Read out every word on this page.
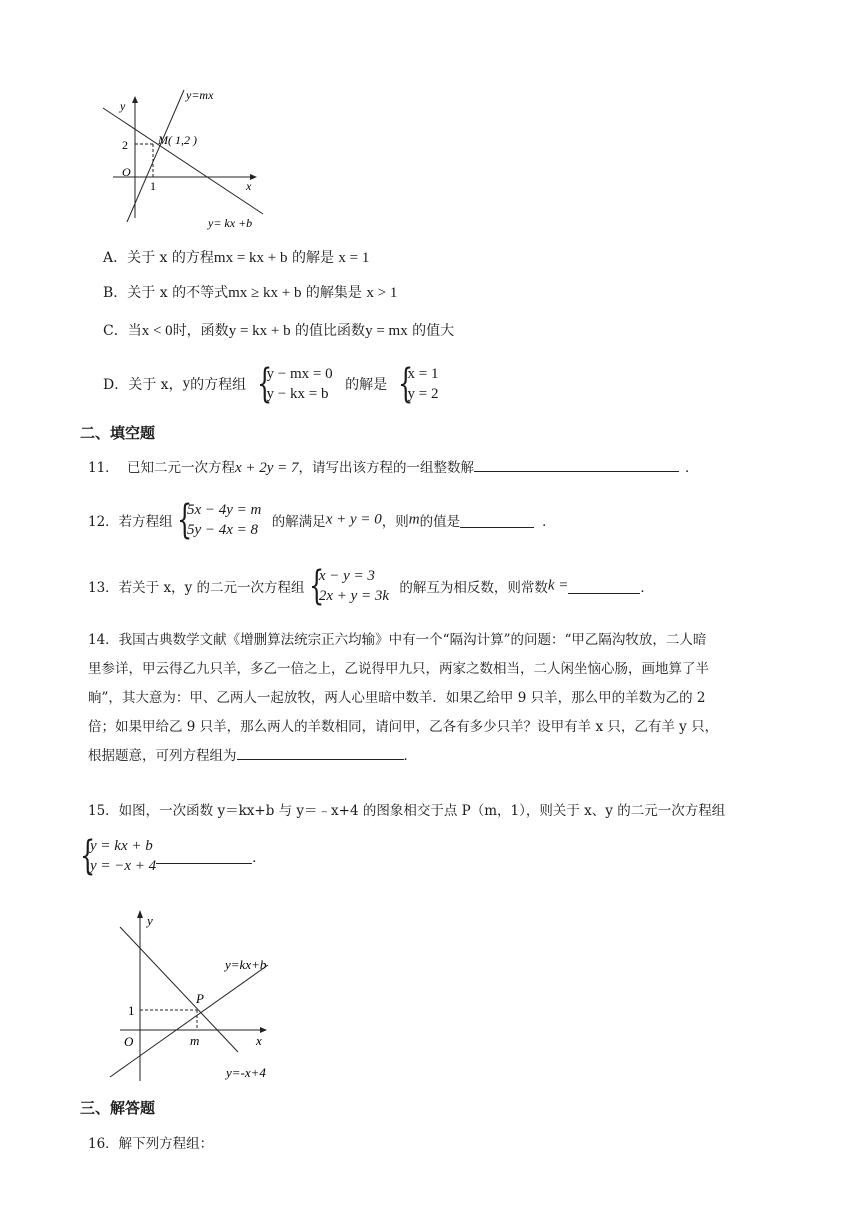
y
x
O
2
1
M( 1,2 )
y=mx
y= kx +b
A．关于 x 的方程mx = kx + b 的解是 x = 1
B．关于 x 的不等式mx ≥ kx + b 的解集是 x > 1
C．当x < 0时，函数y = kx + b 的值比函数y = mx 的值大
D．关于 x，y的方程组 {
y − mx = 0
y − kx = b
的解是 {
x = 1
y = 2
二、填空题
11． 已知二元一次方程x + 2y = 7，请写出该方程的一组整数解	．
12．若方程组 {
5x − 4y = m
5y − 4x = 8 的解满足x + y = 0，则m的值是	．
13．若关于 x，y 的二元一次方程组 {
x − y = 3
2x + y = 3k 的解互为相反数，则常数k =	．
14．我国古典数学文献《增删算法统宗正六均输》中有一个“隔沟计算”的问题：“甲乙隔沟牧放，二人暗
里参详，甲云得乙九只羊，多乙一倍之上，乙说得甲九只，两家之数相当，二人闲坐恼心肠，画地算了半
晌”，其大意为：甲、乙两人一起放牧，两人心里暗中数羊．如果乙给甲 9 只羊，那么甲的羊数为乙的 2
倍；如果甲给乙 9 只羊，那么两人的羊数相同，请问甲，乙各有多少只羊？设甲有羊 x 只，乙有羊 y 只，
根据题意，可列方程组为	．
15．如图，一次函数 y＝kx+b 与 y＝﹣x+4 的图象相交于点 P（m，1），则关于 x、y 的二元一次方程组
{
y = kx + b
y = −x + 4	．
y
x
O
1
m
P
y=kx+b
y=-x+4
三、解答题
16．解下列方程组：
